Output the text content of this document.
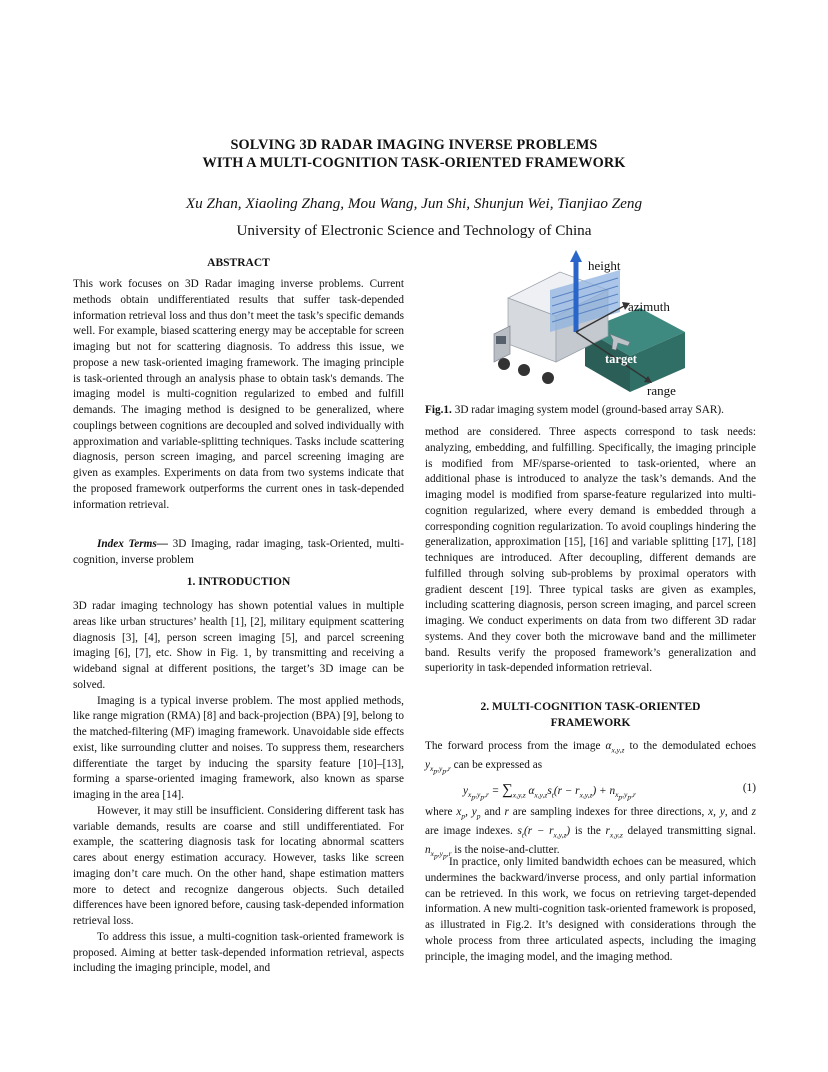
SOLVING 3D RADAR IMAGING INVERSE PROBLEMS
WITH A MULTI-COGNITION TASK-ORIENTED FRAMEWORK
Xu Zhan, Xiaoling Zhang, Mou Wang, Jun Shi, Shunjun Wei, Tianjiao Zeng
University of Electronic Science and Technology of China
ABSTRACT

This work focuses on 3D Radar imaging inverse problems. Current methods obtain undifferentiated results that suffer task-depended information retrieval loss and thus don’t meet the task’s specific demands well. For example, biased scattering energy may be acceptable for screen imaging but not for scattering diagnosis. To address this issue, we propose a new task-oriented imaging framework. The imaging principle is task-oriented through an analysis phase to obtain task's demands. The imaging model is multi-cognition regularized to embed and fulfill demands. The imaging method is designed to be generalized, where couplings between cognitions are decoupled and solved individually with approximation and variable-splitting techniques. Tasks include scattering diagnosis, person screen imaging, and parcel screening imaging are given as examples. Experiments on data from two systems indicate that the proposed framework outperforms the current ones in task-depended information retrieval.

Index Terms— 3D Imaging, radar imaging, task-Oriented, multi-cognition, inverse problem

1. INTRODUCTION

3D radar imaging technology has shown potential values in multiple areas like urban structures’ health [1], [2], military equipment scattering diagnosis [3], [4], person screen imaging [5], and parcel screening imaging [6], [7], etc. Show in Fig. 1, by transmitting and receiving a wideband signal at different positions, the target’s 3D image can be solved.

Imaging is a typical inverse problem. The most applied methods, like range migration (RMA) [8] and back-projection (BPA) [9], belong to the matched-filtering (MF) imaging framework. Unavoidable side effects exist, like surrounding clutter and noises. To suppress them, researchers differentiate the target by inducing the sparsity feature [10]–[13], forming a sparse-oriented imaging framework, also known as sparse imaging in the area [14].

However, it may still be insufficient. Considering different task has variable demands, results are coarse and still undifferentiated. For example, the scattering diagnosis task for locating abnormal scatters cares about energy estimation accuracy. However, tasks like screen imaging don’t care much. On the other hand, shape estimation matters more to detect and recognize dangerous objects. Such detailed differences have been ignored before, causing task-depended information retrieval loss.

To address this issue, a multi-cognition task-oriented framework is proposed. Aiming at better task-depended information retrieval, aspects including the imaging principle, model, and

height
azimuth
target
range
Fig.1. 3D radar imaging system model (ground-based array SAR).

method are considered. Three aspects correspond to task needs: analyzing, embedding, and fulfilling. Specifically, the imaging principle is modified from MF/sparse-oriented to task-oriented, where an additional phase is introduced to analyze the task’s demands. And the imaging model is modified from sparse-feature regularized into multi-cognition regularized, where every demand is embedded through a corresponding cognition regularization. To avoid couplings hindering the generalization, approximation [15], [16] and variable splitting [17], [18] techniques are introduced. After decoupling, different demands are fulfilled through solving sub-problems by proximal operators with gradient descent [19]. Three typical tasks are given as examples, including scattering diagnosis, person screen imaging, and parcel screen imaging. We conduct experiments on data from two different 3D radar systems. And they cover both the microwave band and the millimeter band. Results verify the proposed framework’s generalization and superiority in task-depended information retrieval.

2. MULTI-COGNITION TASK-ORIENTED
FRAMEWORK

The forward process from the image $\alpha_{x,y,z}$ to the demodulated echoes $y_{x_p,y_p,r}$ can be expressed as

$y_{x_p,y_p,r} = \sum_{x,y,z}$ $\alpha_{x,y,z}s_t(r - r_{x,y,z}) + n_{x_p,y_p,r}$
(1)

where $x_p$, $y_p$ and r are sampling indexes for three directions, x, y, and z are image indexes. $s_t(r - r_{x,y,z})$ is the $r_{x,y,z}$ delayed transmitting signal. $n_{x_p,y_p,r}$ is the noise-and-clutter.

In practice, only limited bandwidth echoes can be measured, which undermines the backward/inverse process, and only partial information can be retrieved. In this work, we focus on retrieving target-depended information. A new multi-cognition task-oriented framework is proposed, as illustrated in Fig.2. It’s designed with considerations through the whole process from three articulated aspects, including the imaging principle, the imaging model, and the imaging method.
